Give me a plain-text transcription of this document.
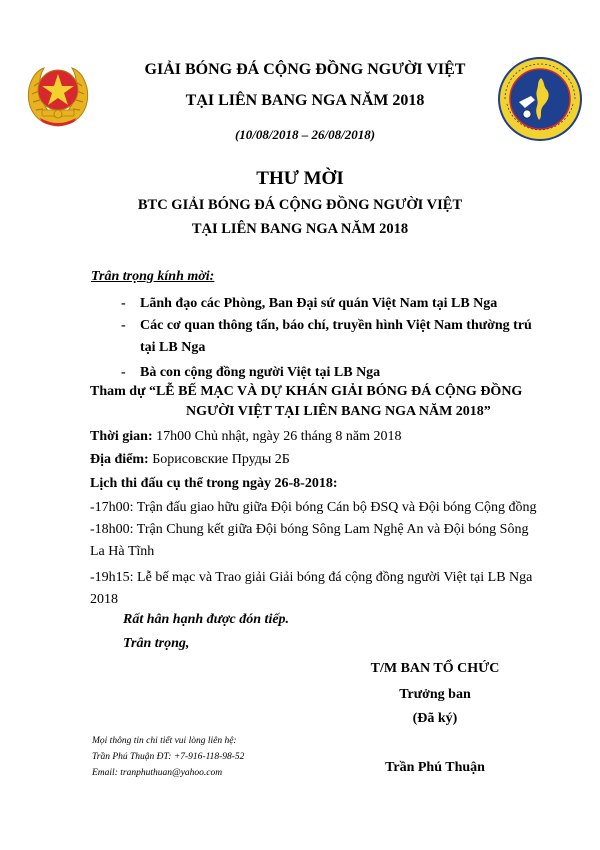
GIẢI BÓNG ĐÁ CỘNG ĐỒNG NGƯỜI VIỆT
TẠI LIÊN BANG NGA NĂM 2018
(10/08/2018 – 26/08/2018)
THƯ MỜI
BTC GIẢI BÓNG ĐÁ CỘNG ĐỒNG NGƯỜI VIỆT
TẠI LIÊN BANG NGA NĂM 2018
Trân trọng kính mời:
- Lãnh đạo các Phòng, Ban Đại sứ quán Việt Nam tại LB Nga
- Các cơ quan thông tấn, báo chí, truyền hình Việt Nam thường trú
tại LB Nga
- Bà con cộng đồng người Việt tại LB Nga
Tham dự “LỄ BẾ MẠC VÀ DỰ KHÁN GIẢI BÓNG ĐÁ CỘNG ĐỒNG
NGƯỜI VIỆT TẠI LIÊN BANG NGA NĂM 2018”
Thời gian: 17h00 Chủ nhật, ngày 26 tháng 8 năm 2018
Địa điểm: Борисовские Пруды 2Б
Lịch thi đấu cụ thể trong ngày 26-8-2018:
-17h00: Trận đấu giao hữu giữa Đội bóng Cán bộ ĐSQ và Đội bóng Cộng đồng
-18h00: Trận Chung kết giữa Đội bóng Sông Lam Nghệ An và Đội bóng Sông
La Hà Tĩnh
-19h15: Lễ bế mạc và Trao giải Giải bóng đá cộng đồng người Việt tại LB Nga
2018
Rất hân hạnh được đón tiếp.
Trân trọng,
T/M BAN TỔ CHỨC
Trưởng ban
(Đã ký)
Trần Phú Thuận
Mọi thông tin chi tiết vui lòng liên hệ:
Trần Phú Thuận ĐT: +7-916-118-98-52
Email: tranphuthuan@yahoo.com
